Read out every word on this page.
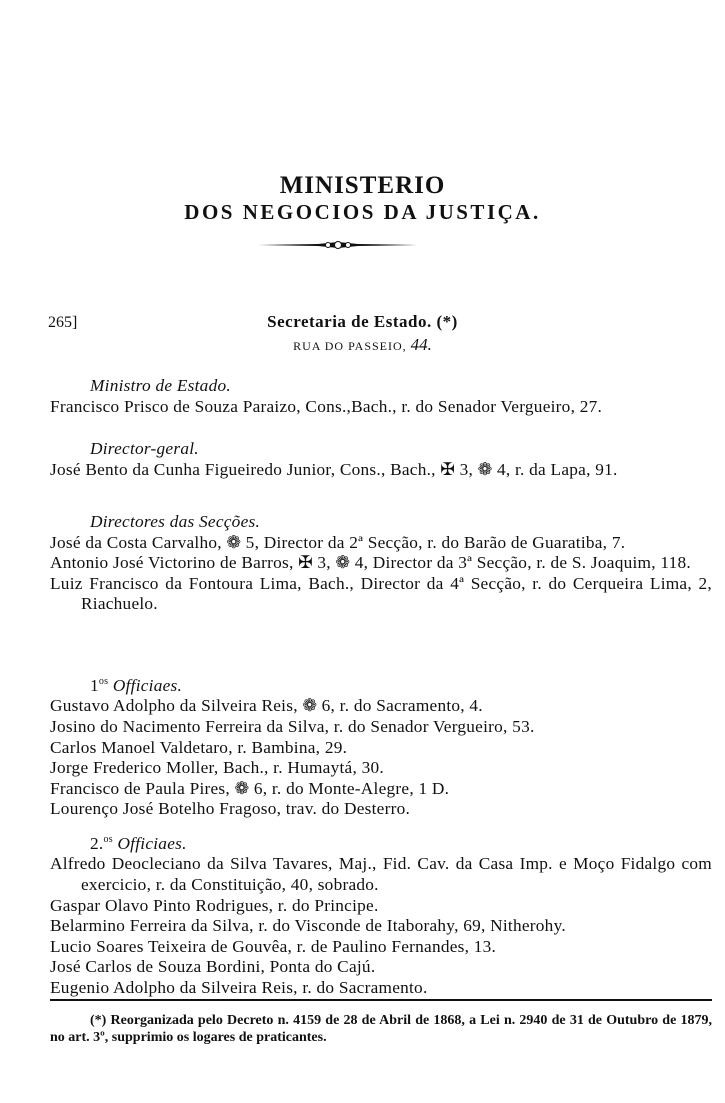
MINISTERIO
DOS NEGOCIOS DA JUSTIÇA.
265]	Secretaria de Estado. (*)
RUA DO PASSEIO, 44.
Ministro de Estado.
Francisco Prisco de Souza Paraizo, Cons.,Bach., r. do Senador Vergueiro, 27.
Director-geral.
José Bento da Cunha Figueiredo Junior, Cons., Bach., ✠ 3, ❁ 4, r. da Lapa, 91.
Directores das Secções.
José da Costa Carvalho, ❁ 5, Director da 2ª Secção, r. do Barão de Guaratiba, 7.
Antonio José Victorino de Barros, ✠ 3, ❁ 4, Director da 3ª Secção, r. de S. Joaquim, 118.
Luiz Francisco da Fontoura Lima, Bach., Director da 4ª Secção, r. do Cerqueira Lima, 2, Riachuelo.
$1^{os}$ Officiaes.
Gustavo Adolpho da Silveira Reis, ❁ 6, r. do Sacramento, 4.
Josino do Nacimento Ferreira da Silva, r. do Senador Vergueiro, 53.
Carlos Manoel Valdetaro, r. Bambina, 29.
Jorge Frederico Moller, Bach., r. Humaytá, 30.
Francisco de Paula Pires, ❁ 6, r. do Monte-Alegre, 1 D.
Lourenço José Botelho Fragoso, trav. do Desterro.
2.$^{os}$ Officiaes.
Alfredo Deocleciano da Silva Tavares, Maj., Fid. Cav. da Casa Imp. e Moço Fidalgo com exercicio, r. da Constituição, 40, sobrado.
Gaspar Olavo Pinto Rodrigues, r. do Principe.
Belarmino Ferreira da Silva, r. do Visconde de Itaborahy, 69, Nitherohy.
Lucio Soares Teixeira de Gouvêa, r. de Paulino Fernandes, 13.
José Carlos de Souza Bordini, Ponta do Cajú.
Eugenio Adolpho da Silveira Reis, r. do Sacramento.
(*) Reorganizada pelo Decreto n. 4159 de 28 de Abril de 1868, a Lei n. 2940 de 31 de Outubro de 1879, no art. 3º, supprimio os logares de praticantes.
